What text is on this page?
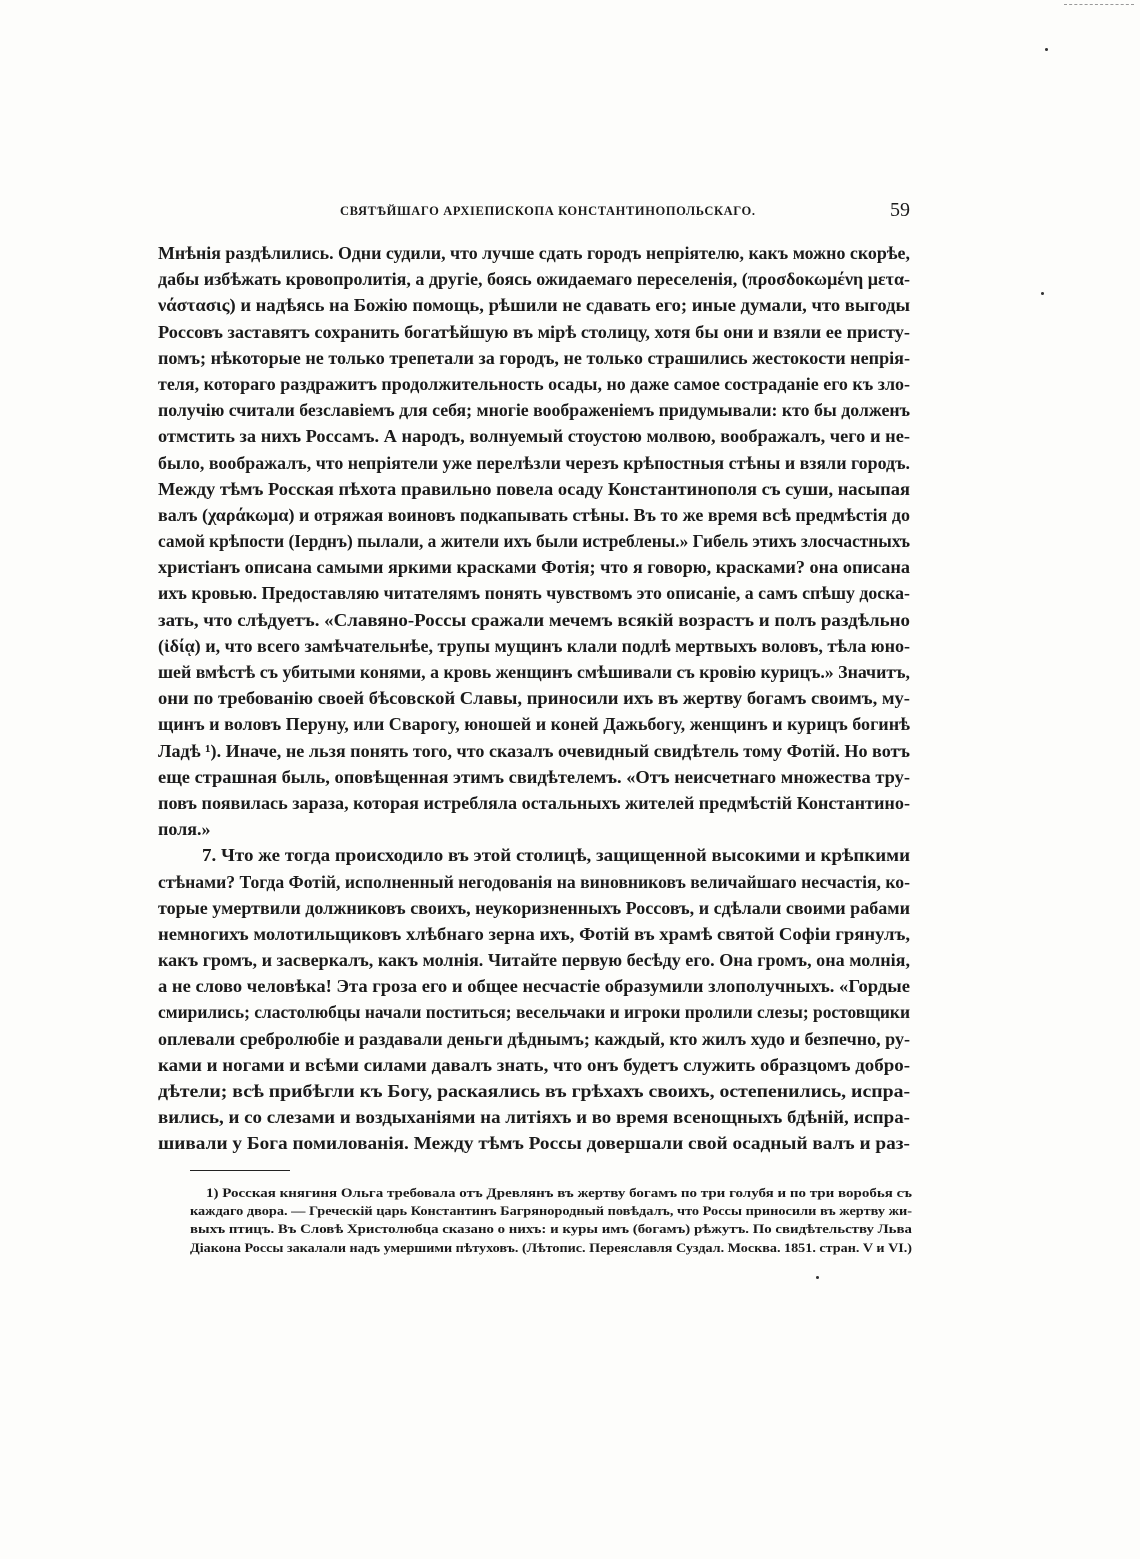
СВЯТѢЙШАГО АРХІЕПИСКОПА КОНСТАНТИНОПОЛЬСКАГО.	59
Мнѣнія раздѣлились. Одни судили, что лучше сдать городъ непріятелю, какъ можно скорѣе,
дабы избѣжать кровопролитія, а другіе, боясь ожидаемаго переселенія, (προσδοκωμένη μετα-
νάστασις) и надѣясь на Божію помощь, рѣшили не сдавать его; иные думали, что выгоды
Россовъ заставятъ сохранить богатѣйшую въ мірѣ столицу, хотя бы они и взяли ее присту-
помъ; нѣкоторые не только трепетали за городъ, не только страшились жестокости непрія-
теля, котораго раздражитъ продолжительность осады, но даже самое состраданіе его къ зло-
получію считали безславіемъ для себя; многіе воображеніемъ придумывали: кто бы долженъ
отмстить за нихъ Россамъ. А народъ, волнуемый стоустою молвою, воображалъ, чего и не-
было, воображалъ, что непріятели уже перелѣзли черезъ крѣпостныя стѣны и взяли городъ.
Между тѣмъ Росская пѣхота правильно повела осаду Константинополя съ суши, насыпая
валъ (χαράκωμα) и отряжая воиновъ подкапывать стѣны. Въ то же время всѣ предмѣстія до
самой крѣпости (Іерднъ) пылали, а жители ихъ были истреблены.» Гибель этихъ злосчастныхъ
христіанъ описана самыми яркими красками Фотія; что я говорю, красками? она описана
ихъ кровью. Предоставляю читателямъ понять чувствомъ это описаніе, а самъ спѣшу доска-
зать, что слѣдуетъ. «Славяно-Россы сражали мечемъ всякій возрастъ и полъ раздѣльно
(ἰδίᾳ) и, что всего замѣчательнѣе, трупы мущинъ клали подлѣ мертвыхъ воловъ, тѣла юно-
шей вмѣстѣ съ убитыми конями, а кровь женщинъ смѣшивали съ кровію курицъ.» Значитъ,
они по требованію своей бѣсовской Славы, приносили ихъ въ жертву богамъ своимъ, му-
щинъ и воловъ Перуну, или Сварогу, юношей и коней Дажьбогу, женщинъ и курицъ богинѣ
Ладѣ ¹). Иначе, не льзя понять того, что сказалъ очевидный свидѣтель тому Фотій. Но вотъ
еще страшная быль, оповѣщенная этимъ свидѣтелемъ. «Отъ неисчетнаго множества тру-
повъ появилась зараза, которая истребляла остальныхъ жителей предмѣстій Константино-
поля.»
7. Что же тогда происходило въ этой столицѣ, защищенной высокими и крѣпкими
стѣнами? Тогда Фотій, исполненный негодованія на виновниковъ величайшаго несчастія, ко-
торые умертвили должниковъ своихъ, неукоризненныхъ Россовъ, и сдѣлали своими рабами
немногихъ молотильщиковъ хлѣбнаго зерна ихъ, Фотій въ храмѣ святой Софіи грянулъ,
какъ громъ, и засверкалъ, какъ молнія. Читайте первую бесѣду его. Она громъ, она молнія,
а не слово человѣка! Эта гроза его и общее несчастіе образумили злополучныхъ. «Гордые
смирились; сластолюбцы начали поститься; весельчаки и игроки пролили слезы; ростовщики
оплевали сребролюбіе и раздавали деньги дѣднымъ; каждый, кто жилъ худо и безпечно, ру-
ками и ногами и всѣми силами давалъ знать, что онъ будетъ служить образцомъ добро-
дѣтели; всѣ прибѣгли къ Богу, раскаялись въ грѣхахъ своихъ, остепенились, испра-
вились, и со слезами и воздыханіями на литіяхъ и во время всенощныхъ бдѣній, испра-
шивали у Бога помилованія. Между тѣмъ Россы довершали свой осадный валъ и раз-
1) Росская княгиня Ольга требовала отъ Древлянъ въ жертву богамъ по три голубя и по три воробья съ
каждаго двора. — Греческій царь Константинъ Багрянородный повѣдалъ, что Россы приносили въ жертву жи-
выхъ птицъ. Въ Словѣ Христолюбца сказано о нихъ: и куры имъ (богамъ) рѣжутъ. По свидѣтельству Льва
Діакона Россы закалали надъ умершими пѣтуховъ. (Лѣтопис. Переяславля Суздал. Москва. 1851. стран. V и VI.)
